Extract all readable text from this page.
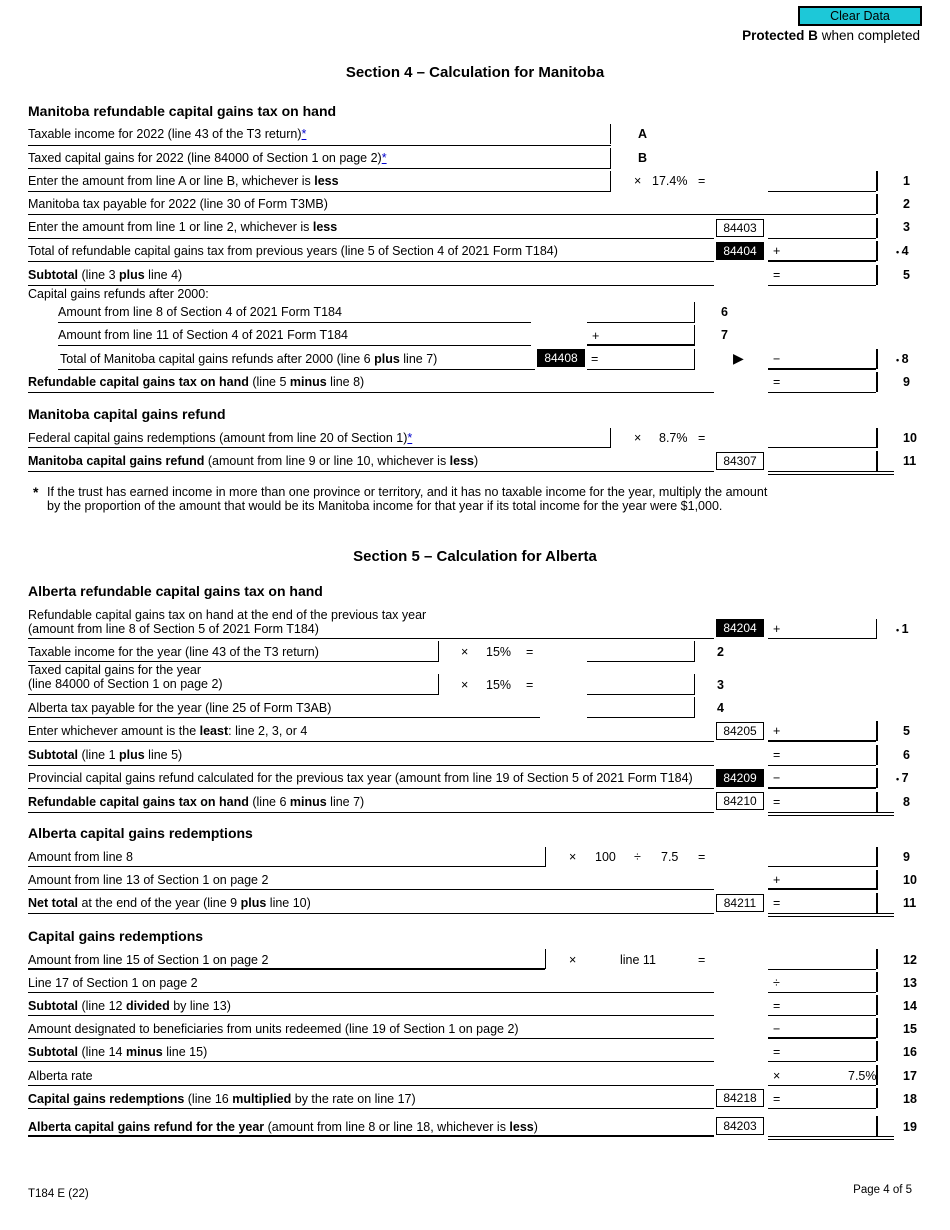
Clear Data
Protected B when completed
Section 4 – Calculation for Manitoba
Manitoba refundable capital gains tax on hand
Taxable income for 2022 (line 43 of the T3 return)*	A
Taxed capital gains for 2022 (line 84000 of Section 1 on page 2)*	B
Enter the amount from line A or line B, whichever is less	× 17.4% =	1
Manitoba tax payable for 2022 (line 30 of Form T3MB)	2
Enter the amount from line 1 or line 2, whichever is less	84403	3
Total of refundable capital gains tax from previous years (line 5 of Section 4 of 2021 Form T184)	84404	+	• 4
Subtotal (line 3 plus line 4)	=	5
Capital gains refunds after 2000:
Amount from line 8 of Section 4 of 2021 Form T184	6
Amount from line 11 of Section 4 of 2021 Form T184	+	7
Total of Manitoba capital gains refunds after 2000 (line 6 plus line 7)	84408	=	▶ −	• 8
Refundable capital gains tax on hand (line 5 minus line 8)	=	9
Manitoba capital gains refund
Federal capital gains redemptions (amount from line 20 of Section 1)*	× 8.7% =	10
Manitoba capital gains refund (amount from line 9 or line 10, whichever is less)	84307	11
* If the trust has earned income in more than one province or territory, and it has no taxable income for the year, multiply the amount
by the proportion of the amount that would be its Manitoba income for that year if its total income for the year were $1,000.
Section 5 – Calculation for Alberta
Alberta refundable capital gains tax on hand
Refundable capital gains tax on hand at the end of the previous tax year
(amount from line 8 of Section 5 of 2021 Form T184)	84204	+	• 1
Taxable income for the year (line 43 of the T3 return)	× 15% =	2
Taxed capital gains for the year
(line 84000 of Section 1 on page 2)	× 15% =	3
Alberta tax payable for the year (line 25 of Form T3AB)	4
Enter whichever amount is the least: line 2, 3, or 4	84205	+	5
Subtotal (line 1 plus line 5)	=	6
Provincial capital gains refund calculated for the previous tax year (amount from line 19 of Section 5 of 2021 Form T184)	84209	−	• 7
Refundable capital gains tax on hand (line 6 minus line 7)	84210	=	8
Alberta capital gains redemptions
Amount from line 8	× 100 ÷ 7.5 =	9
Amount from line 13 of Section 1 on page 2	+	10
Net total at the end of the year (line 9 plus line 10)	84211	=	11
Capital gains redemptions
Amount from line 15 of Section 1 on page 2	×	line 11	=	12
Line 17 of Section 1 on page 2	÷	13
Subtotal (line 12 divided by line 13)	=	14
Amount designated to beneficiaries from units redeemed (line 19 of Section 1 on page 2)	−	15
Subtotal (line 14 minus line 15)	=	16
Alberta rate	×	7.5% 17
Capital gains redemptions (line 16 multiplied by the rate on line 17)	84218	=	18
Alberta capital gains refund for the year (amount from line 8 or line 18, whichever is less)	84203	19
T184 E (22)	Page 4 of 5
